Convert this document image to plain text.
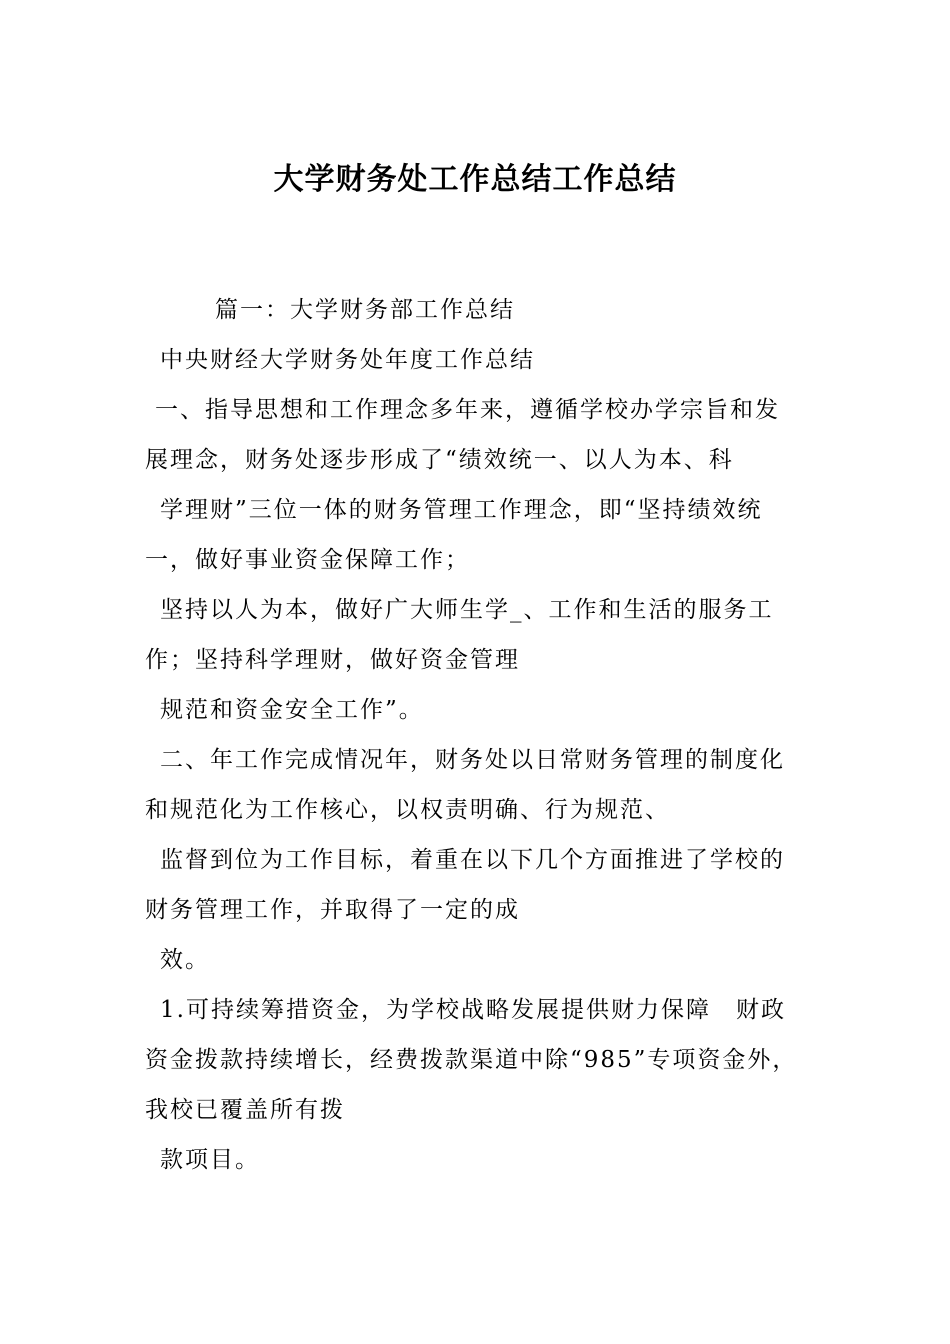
大学财务处工作总结工作总结
篇一：大学财务部工作总结
中央财经大学财务处年度工作总结
一、指导思想和工作理念多年来，遵循学校办学宗旨和发
展理念，财务处逐步形成了“绩效统一、以人为本、科
学理财”三位一体的财务管理工作理念，即“坚持绩效统
一，做好事业资金保障工作；
坚持以人为本，做好广大师生学_、工作和生活的服务工
作；坚持科学理财，做好资金管理
规范和资金安全工作”。
二、年工作完成情况年，财务处以日常财务管理的制度化
和规范化为工作核心，以权责明确、行为规范、
监督到位为工作目标，着重在以下几个方面推进了学校的
财务管理工作，并取得了一定的成
效。
1.可持续筹措资金，为学校战略发展提供财力保障　财政
资金拨款持续增长，经费拨款渠道中除“985”专项资金外，
我校已覆盖所有拨
款项目。
